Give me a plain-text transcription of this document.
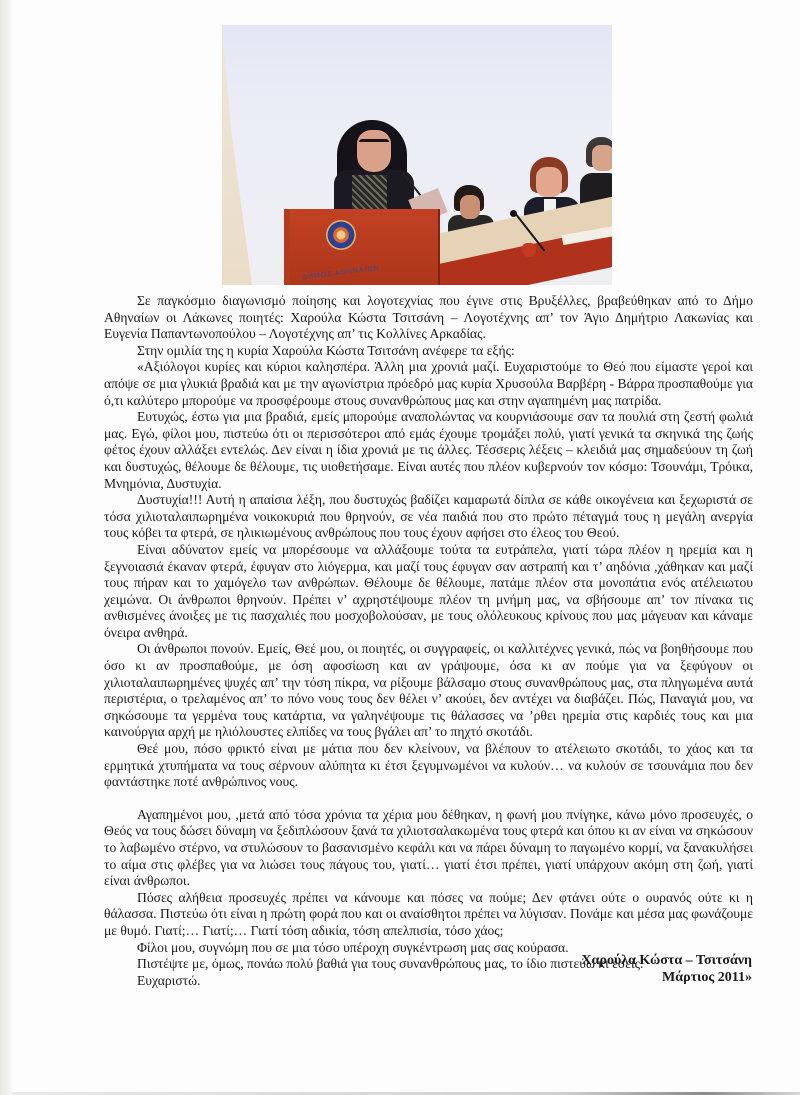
ΔΗΜΟΣ ΑΘΗΝΑΙΩΝ

Σε παγκόσμιο διαγωνισμό ποίησης και λογοτεχνίας που έγινε στις Βρυξέλλες, βραβεύθηκαν από το Δήμο Αθηναίων οι Λάκωνες ποιητές: Χαρούλα Κώστα Τσιτσάνη – Λογοτέχνης απ’ τον Άγιο Δημήτριο Λακωνίας και Ευγενία Παπαντωνοπούλου – Λογοτέχνης απ’ τις Κολλίνες Αρκαδίας.

Στην ομιλία της η κυρία Χαρούλα Κώστα Τσιτσάνη ανέφερε τα εξής:

«Αξιόλογοι κυρίες και κύριοι καλησπέρα. Άλλη μια χρονιά μαζί. Ευχαριστούμε το Θεό που είμαστε γεροί και απόψε σε μια γλυκιά βραδιά και με την αγωνίστρια πρόεδρό μας κυρία Χρυσούλα Βαρβέρη - Βάρρα προσπαθούμε για ό,τι καλύτερο μπορούμε να προσφέρουμε στους συνανθρώπους μας και στην αγαπημένη μας πατρίδα.

Ευτυχώς, έστω για μια βραδιά, εμείς μπορούμε αναπολώντας να κουρνιάσουμε σαν τα πουλιά στη ζεστή φωλιά μας. Εγώ, φίλοι μου, πιστεύω ότι οι περισσότεροι από εμάς έχουμε τρομάξει πολύ, γιατί γενικά τα σκηνικά της ζωής φέτος έχουν αλλάξει εντελώς. Δεν είναι η ίδια χρονιά με τις άλλες. Τέσσερις λέξεις – κλειδιά μας σημαδεύουν τη ζωή και δυστυχώς, θέλουμε δε θέλουμε, τις υιοθετήσαμε. Είναι αυτές που πλέον κυβερνούν τον κόσμο: Τσουνάμι, Τρόικα, Μνημόνια, Δυστυχία.

Δυστυχία!!! Αυτή η απαίσια λέξη, που δυστυχώς βαδίζει καμαρωτά δίπλα σε κάθε οικογένεια και ξεχωριστά σε τόσα χιλιοταλαιπωρημένα νοικοκυριά που θρηνούν, σε νέα παιδιά που στο πρώτο πέταγμά τους η μεγάλη ανεργία τους κόβει τα φτερά, σε ηλικιωμένους ανθρώπους που τους έχουν αφήσει στο έλεος του Θεού.

Είναι αδύνατον εμείς να μπορέσουμε να αλλάξουμε τούτα τα ευτράπελα, γιατί τώρα πλέον η ηρεμία και η ξεγνοιασιά έκαναν φτερά, έφυγαν στο λιόγερμα, και μαζί τους έφυγαν σαν αστραπή και τ’ αηδόνια ,χάθηκαν και μαζί τους πήραν και το χαμόγελο των ανθρώπων. Θέλουμε δε θέλουμε, πατάμε πλέον στα μονοπάτια ενός ατέλειωτου χειμώνα. Οι άνθρωποι θρηνούν. Πρέπει ν’ αχρηστέψουμε πλέον τη μνήμη μας, να σβήσουμε απ’ τον πίνακα τις ανθισμένες άνοιξες με τις πασχαλιές που μοσχοβολούσαν, με τους ολόλευκους κρίνους που μας μάγευαν και κάναμε όνειρα ανθηρά.

Οι άνθρωποι πονούν. Εμείς, Θεέ μου, οι ποιητές, οι συγγραφείς, οι καλλιτέχνες γενικά, πώς να βοηθήσουμε που όσο κι αν προσπαθούμε, με όση αφοσίωση και αν γράψουμε, όσα κι αν πούμε για να ξεφύγουν οι χιλιοταλαιπωρημένες ψυχές απ’ την τόση πίκρα, να ρίξουμε βάλσαμο στους συνανθρώπους μας, στα πληγωμένα αυτά περιστέρια, ο τρελαμένος απ’ το πόνο νους τους δεν θέλει ν’ ακούει, δεν αντέχει να διαβάζει. Πώς, Παναγιά μου, να σηκώσουμε τα γερμένα τους κατάρτια, να γαληνέψουμε τις θάλασσες να ’ρθει ηρεμία στις καρδιές τους και μια καινούργια αρχή με ηλιόλουστες ελπίδες να τους βγάλει απ’ το πηχτό σκοτάδι.

Θεέ μου, πόσο φρικτό είναι με μάτια που δεν κλείνουν, να βλέπουν το ατέλειωτο σκοτάδι, το χάος και τα ερμητικά χτυπήματα να τους σέρνουν αλύπητα κι έτσι ξεγυμνωμένοι να κυλούν… να κυλούν σε τσουνάμια που δεν φαντάστηκε ποτέ ανθρώπινος νους.

Αγαπημένοι μου, ,μετά από τόσα χρόνια τα χέρια μου δέθηκαν, η φωνή μου πνίγηκε, κάνω μόνο προσευχές, ο Θεός να τους δώσει δύναμη να ξεδιπλώσουν ξανά τα χιλιοτσαλακωμένα τους φτερά και όπου κι αν είναι να σηκώσουν το λαβωμένο στέρνο, να στυλώσουν το βασανισμένο κεφάλι και να πάρει δύναμη το παγωμένο κορμί, να ξανακυλήσει το αίμα στις φλέβες για να λιώσει τους πάγους του, γιατί… γιατί έτσι πρέπει, γιατί υπάρχουν ακόμη στη ζωή, γιατί είναι άνθρωποι.

Πόσες αλήθεια προσευχές πρέπει να κάνουμε και πόσες να πούμε; Δεν φτάνει ούτε ο ουρανός ούτε κι η θάλασσα. Πιστεύω ότι είναι η πρώτη φορά που και οι αναίσθητοι πρέπει να λύγισαν. Πονάμε και μέσα μας φωνάζουμε με θυμό. Γιατί;… Γιατί;… Γιατί τόση αδικία, τόση απελπισία, τόσο χάος;

Φίλοι μου, συγνώμη που σε μια τόσο υπέροχη συγκέντρωση μας σας κούρασα.

Πιστέψτε με, όμως, πονάω πολύ βαθιά για τους συνανθρώπους μας, το ίδιο πιστεύω κι εσείς.

Ευχαριστώ.

Χαρούλα Κώστα – Τσιτσάνη
Μάρτιος 2011»
